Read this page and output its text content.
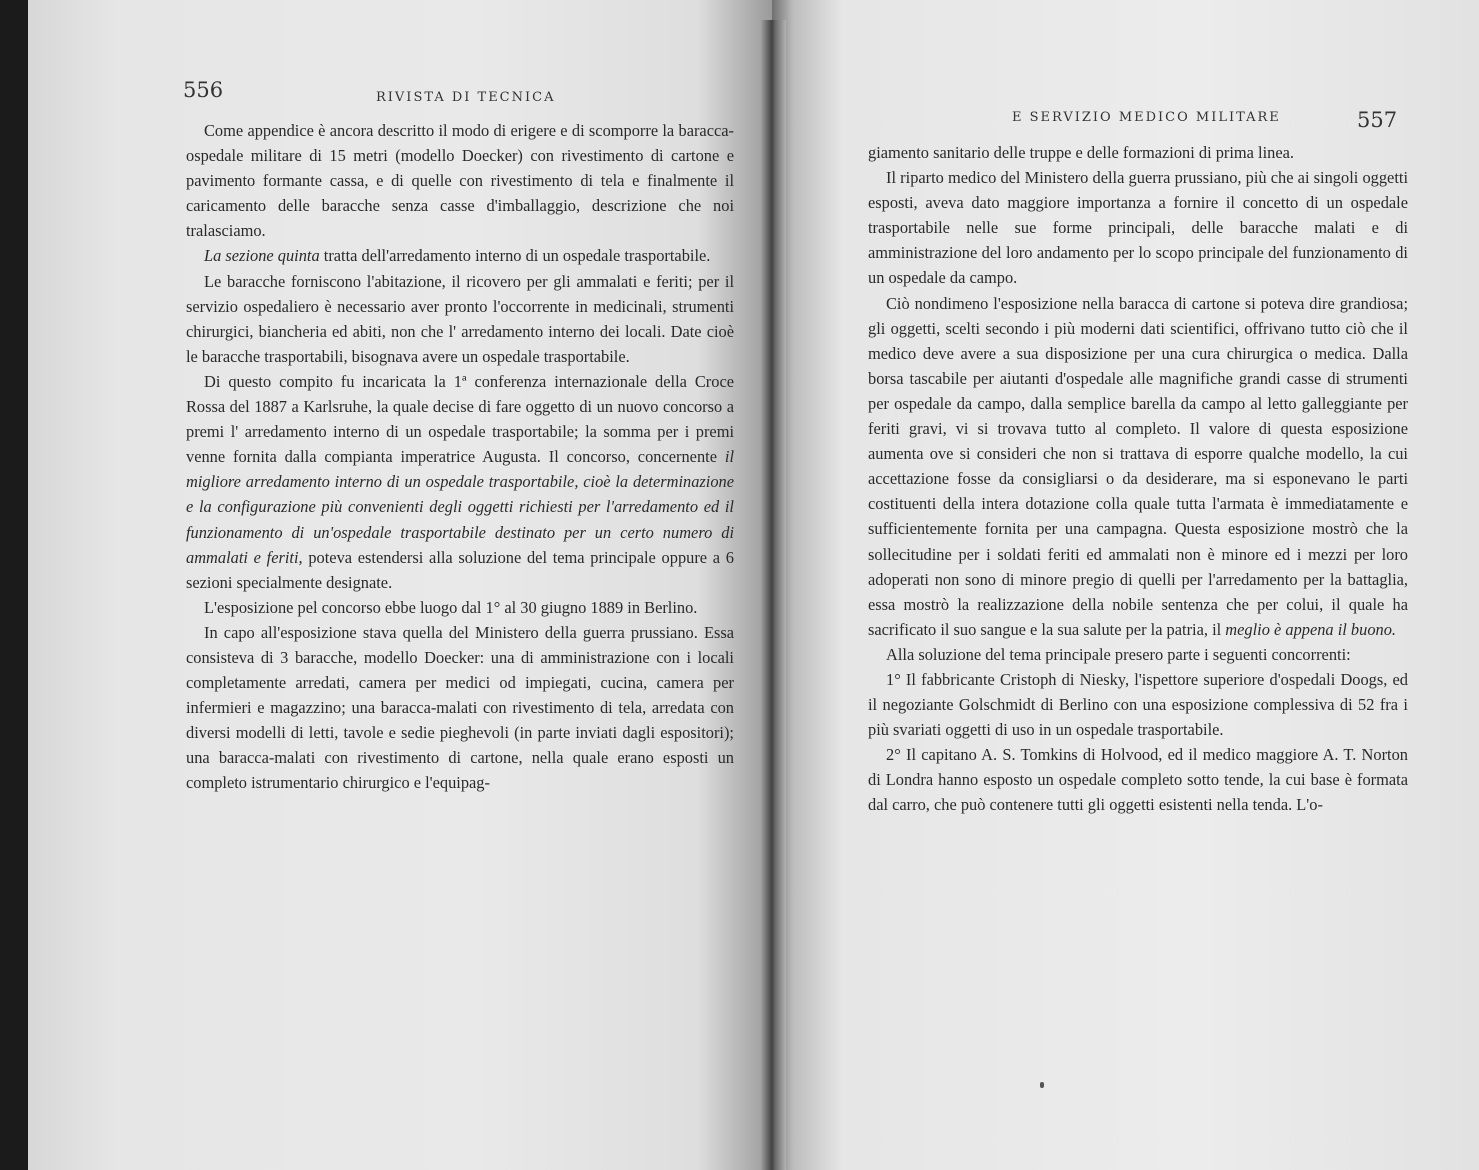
556	RIVISTA DI TECNICA

Come appendice è ancora descritto il modo di erigere e di scomporre la baracca-ospedale militare di 15 metri (modello Doecker) con rivestimento di cartone e pavimento formante cassa, e di quelle con rivestimento di tela e finalmente il caricamento delle baracche senza casse d'imballaggio, descrizione che noi tralasciamo.

La sezione quinta tratta dell'arredamento interno di un ospedale trasportabile.

Le baracche forniscono l'abitazione, il ricovero per gli ammalati e feriti; per il servizio ospedaliero è necessario aver pronto l'occorrente in medicinali, strumenti chirurgici, biancheria ed abiti, non che l' arredamento interno dei locali. Date cioè le baracche trasportabili, bisognava avere un ospedale trasportabile.

Di questo compito fu incaricata la 1ª conferenza internazionale della Croce Rossa del 1887 a Karlsruhe, la quale decise di fare oggetto di un nuovo concorso a premi l' arredamento interno di un ospedale trasportabile; la somma per i premi venne fornita dalla compianta imperatrice Augusta. Il concorso, concernente il migliore arredamento interno di un ospedale trasportabile, cioè la determinazione e la configurazione più convenienti degli oggetti richiesti per l'arredamento ed il funzionamento di un'ospedale trasportabile destinato per un certo numero di ammalati e feriti, poteva estendersi alla soluzione del tema principale oppure a 6 sezioni specialmente designate.

L'esposizione pel concorso ebbe luogo dal 1° al 30 giugno 1889 in Berlino.

In capo all'esposizione stava quella del Ministero della guerra prussiano. Essa consisteva di 3 baracche, modello Doecker: una di amministrazione con i locali completamente arredati, camera per medici od impiegati, cucina, camera per infermieri e magazzino; una baracca-malati con rivestimento di tela, arredata con diversi modelli di letti, tavole e sedie pieghevoli (in parte inviati dagli espositori); una baracca-malati con rivestimento di cartone, nella quale erano esposti un completo istrumentario chirurgico e l'equipag-

E SERVIZIO MEDICO MILITARE	557

giamento sanitario delle truppe e delle formazioni di prima linea.

Il riparto medico del Ministero della guerra prussiano, più che ai singoli oggetti esposti, aveva dato maggiore importanza a fornire il concetto di un ospedale trasportabile nelle sue forme principali, delle baracche malati e di amministrazione del loro andamento per lo scopo principale del funzionamento di un ospedale da campo.

Ciò nondimeno l'esposizione nella baracca di cartone si poteva dire grandiosa; gli oggetti, scelti secondo i più moderni dati scientifici, offrivano tutto ciò che il medico deve avere a sua disposizione per una cura chirurgica o medica. Dalla borsa tascabile per aiutanti d'ospedale alle magnifiche grandi casse di strumenti per ospedale da campo, dalla semplice barella da campo al letto galleggiante per feriti gravi, vi si trovava tutto al completo. Il valore di questa esposizione aumenta ove si consideri che non si trattava di esporre qualche modello, la cui accettazione fosse da consigliarsi o da desiderare, ma si esponevano le parti costituenti della intera dotazione colla quale tutta l'armata è immediatamente e sufficientemente fornita per una campagna. Questa esposizione mostrò che la sollecitudine per i soldati feriti ed ammalati non è minore ed i mezzi per loro adoperati non sono di minore pregio di quelli per l'arredamento per la battaglia, essa mostrò la realizzazione della nobile sentenza che per colui, il quale ha sacrificato il suo sangue e la sua salute per la patria, il meglio è appena il buono.

Alla soluzione del tema principale presero parte i seguenti concorrenti:

1° Il fabbricante Cristoph di Niesky, l'ispettore superiore d'ospedali Doogs, ed il negoziante Golschmidt di Berlino con una esposizione complessiva di 52 fra i più svariati oggetti di uso in un ospedale trasportabile.

2° Il capitano A. S. Tomkins di Holvood, ed il medico maggiore A. T. Norton di Londra hanno esposto un ospedale completo sotto tende, la cui base è formata dal carro, che può contenere tutti gli oggetti esistenti nella tenda. L'o-
